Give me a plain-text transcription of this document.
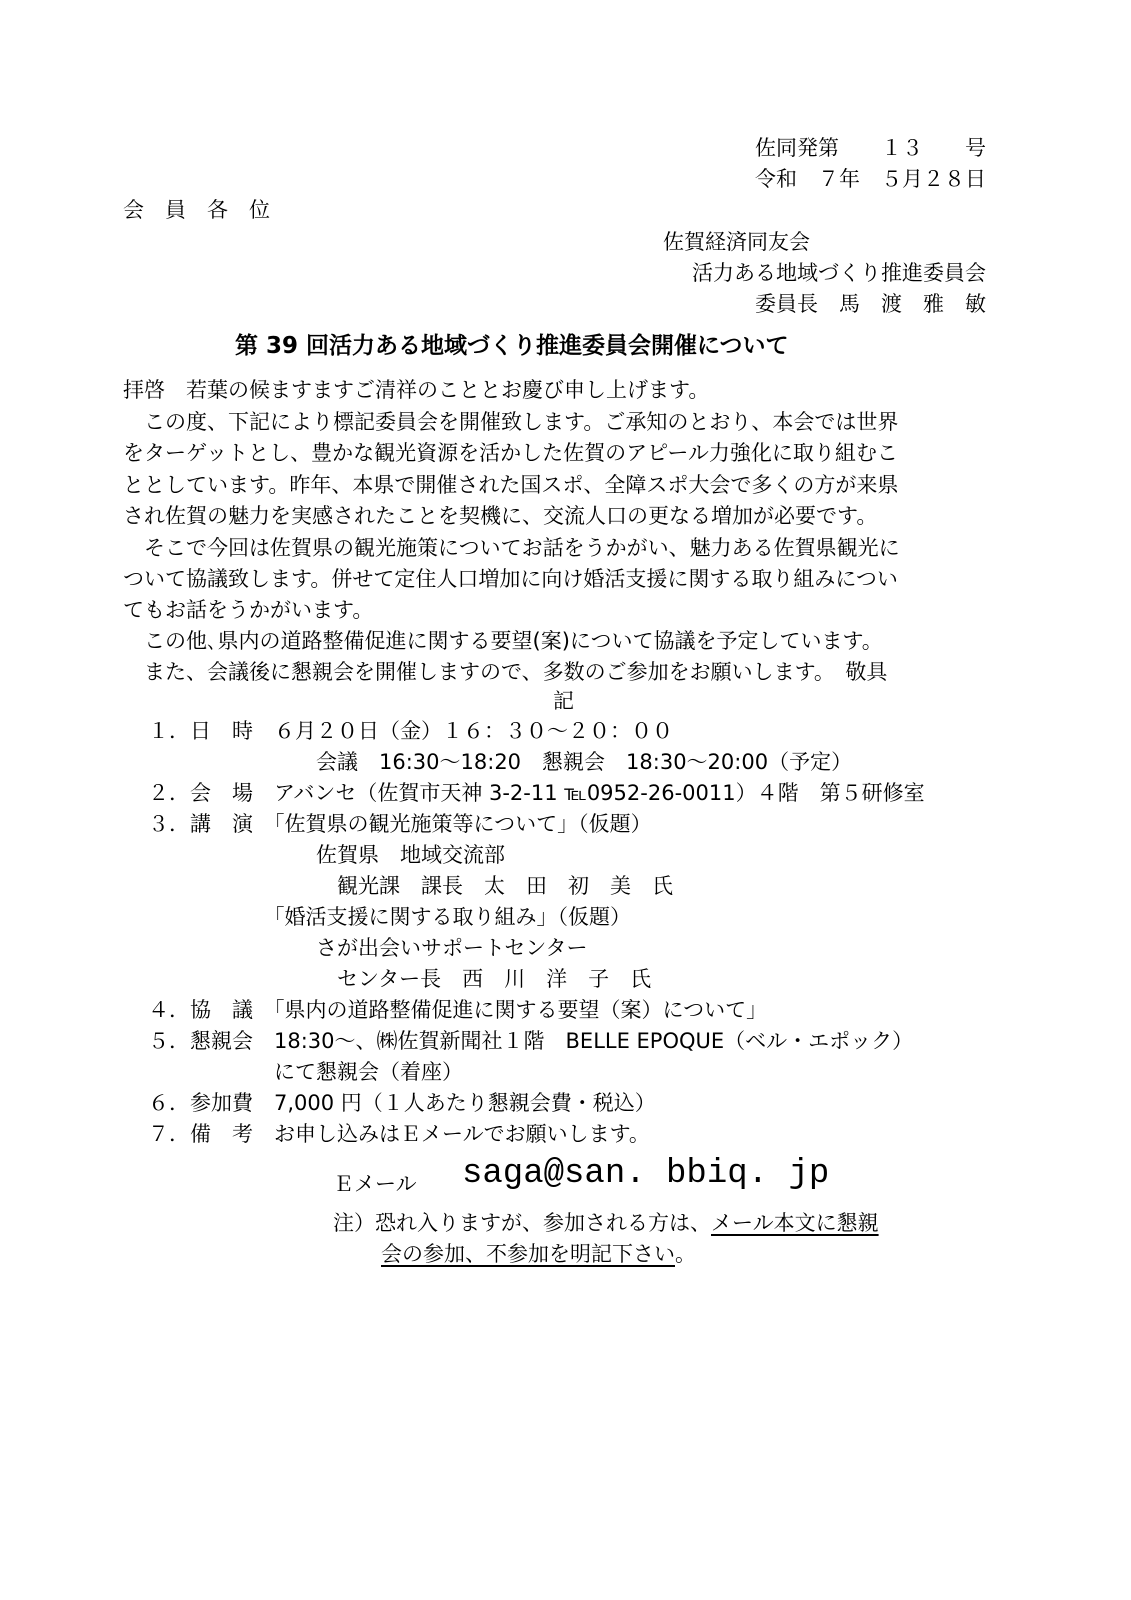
佐同発第　　１３　　号
令和　７年　５月２８日
会　員　各　位
佐賀経済同友会
活力ある地域づくり推進委員会
委員長　馬　渡　雅　敏
第 39 回活力ある地域づくり推進委員会開催について
拝啓　若葉の候ますますご清祥のこととお慶び申し上げます。
　この度、下記により標記委員会を開催致します。ご承知のとおり、本会では世界
をターゲットとし、豊かな観光資源を活かした佐賀のアピール力強化に取り組むこ
ととしています。昨年、本県で開催された国スポ、全障スポ大会で多くの方が来県
され佐賀の魅力を実感されたことを契機に、交流人口の更なる増加が必要です。
　そこで今回は佐賀県の観光施策についてお話をうかがい、魅力ある佐賀県観光に
ついて協議致します。併せて定住人口増加に向け婚活支援に関する取り組みについ
てもお話をうかがいます。
　この他､県内の道路整備促進に関する要望(案)について協議を予定しています。
　また、会議後に懇親会を開催しますので、多数のご参加をお願いします。　敬具
記
１．日　時　６月２０日（金）１６：３０～２０：００
　　　　　　　　会議　16:30～18:20　懇親会　18:30～20:00（予定）
２．会　場　アバンセ（佐賀市天神 3-2-11 ℡0952-26-0011）４階　第５研修室
３．講　演　「佐賀県の観光施策等について」（仮題）
　　　　　　　　佐賀県　地域交流部
　　　　　　　　　観光課　課長　太　田　初　美　氏
　　　　　　「婚活支援に関する取り組み」（仮題）
　　　　　　　　さが出会いサポートセンター
　　　　　　　　　センター長　西　川　洋　子　氏
４．協　議　「県内の道路整備促進に関する要望（案）について」
５．懇親会　18:30～、㈱佐賀新聞社１階　BELLE EPOQUE（ベル・エポック）
　　　　　　にて懇親会（着座）
６．参加費　7,000 円（１人あたり懇親会費・税込）
７．備　考　お申し込みはＥメールでお願いします。
Ｅメール saga@san. bbiq. jp
注）恐れ入りますが、参加される方は、メール本文に懇親
会の参加、不参加を明記下さい。
